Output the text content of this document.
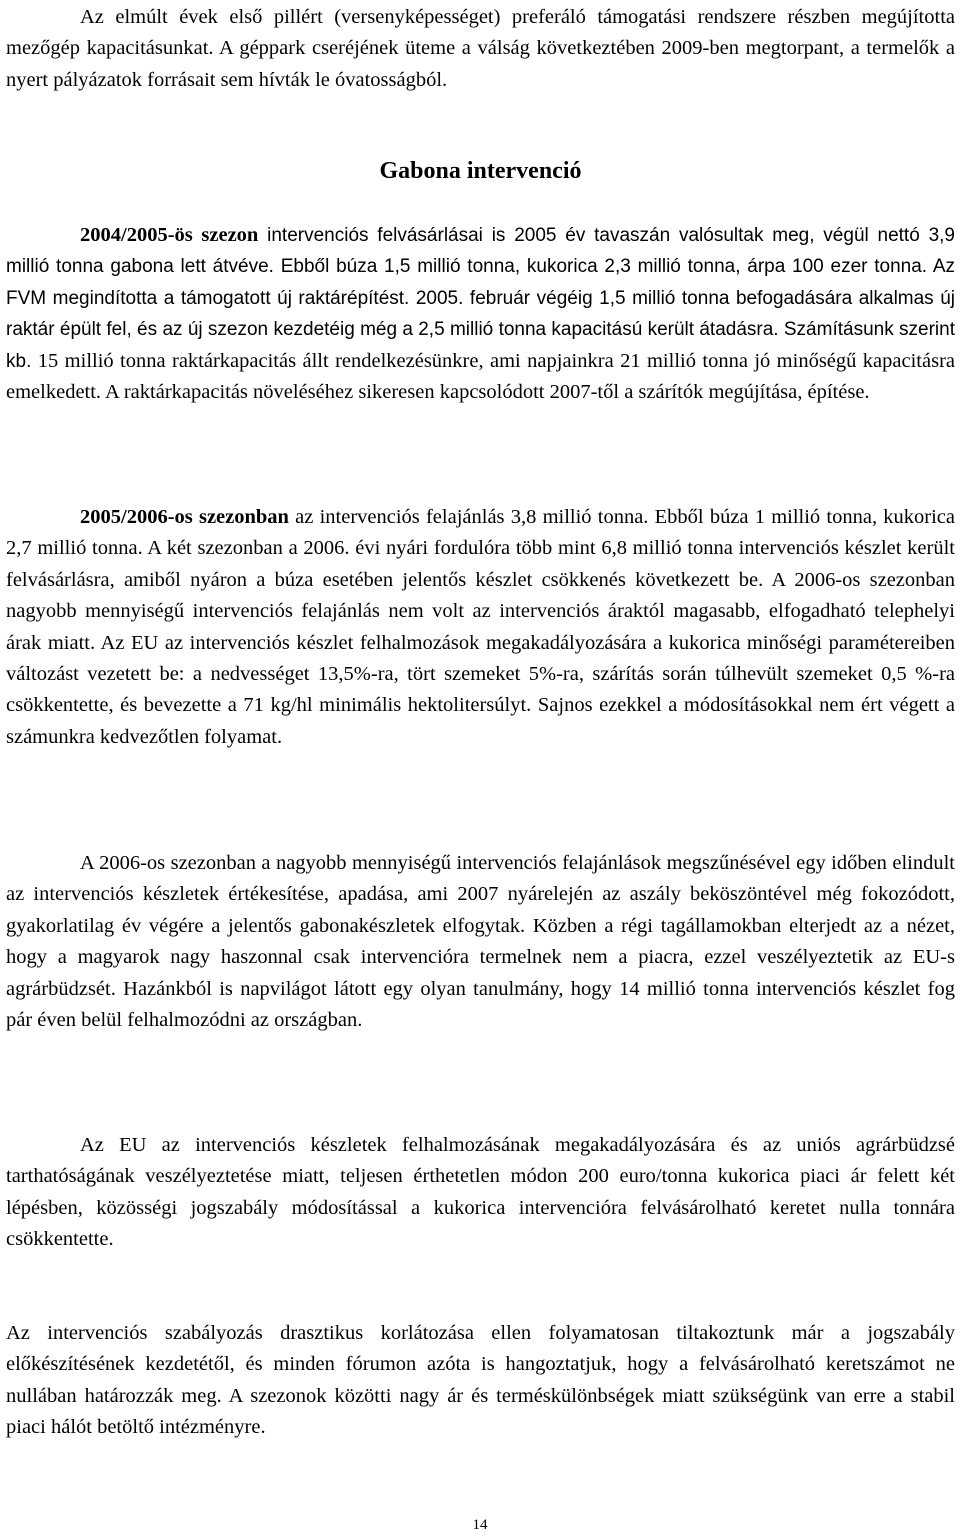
Az elmúlt évek első pillért (versenyképességet) preferáló támogatási rendszere részben megújította mezőgép kapacitásunkat. A géppark cseréjének üteme a válság következtében 2009-ben megtorpant, a termelők a nyert pályázatok forrásait sem hívták le óvatosságból.

Gabona intervenció

2004/2005-ös szezon intervenciós felvásárlásai is 2005 év tavaszán valósultak meg, végül nettó 3,9 millió tonna gabona lett átvéve. Ebből búza 1,5 millió tonna, kukorica 2,3 millió tonna, árpa 100 ezer tonna. Az FVM megindította a támogatott új raktárépítést. 2005. február végéig 1,5 millió tonna befogadására alkalmas új raktár épült fel, és az új szezon kezdetéig még a 2,5 millió tonna kapacitású került átadásra. Számításunk szerint kb. 15 millió tonna raktárkapacitás állt rendelkezésünkre, ami napjainkra 21 millió tonna jó minőségű kapacitásra emelkedett. A raktárkapacitás növeléséhez sikeresen kapcsolódott 2007-től a szárítók megújítása, építése.

2005/2006-os szezonban az intervenciós felajánlás 3,8 millió tonna. Ebből búza 1 millió tonna, kukorica 2,7 millió tonna. A két szezonban a 2006. évi nyári fordulóra több mint 6,8 millió tonna intervenciós készlet került felvásárlásra, amiből nyáron a búza esetében jelentős készlet csökkenés következett be. A 2006-os szezonban nagyobb mennyiségű intervenciós felajánlás nem volt az intervenciós áraktól magasabb, elfogadható telephelyi árak miatt. Az EU az intervenciós készlet felhalmozások megakadályozására a kukorica minőségi paramétereiben változást vezetett be: a nedvességet 13,5%-ra, tört szemeket 5%-ra, szárítás során túlhevült szemeket 0,5 %-ra csökkentette, és bevezette a 71 kg/hl minimális hektolitersúlyt. Sajnos ezekkel a módosításokkal nem ért végett a számunkra kedvezőtlen folyamat.

A 2006-os szezonban a nagyobb mennyiségű intervenciós felajánlások megszűnésével egy időben elindult az intervenciós készletek értékesítése, apadása, ami 2007 nyárelején az aszály beköszöntével még fokozódott, gyakorlatilag év végére a jelentős gabonakészletek elfogytak. Közben a régi tagállamokban elterjedt az a nézet, hogy a magyarok nagy haszonnal csak intervencióra termelnek nem a piacra, ezzel veszélyeztetik az EU-s agrárbüdzsét. Hazánkból is napvilágot látott egy olyan tanulmány, hogy 14 millió tonna intervenciós készlet fog pár éven belül felhalmozódni az országban.

Az EU az intervenciós készletek felhalmozásának megakadályozására és az uniós agrárbüdzsé tarthatóságának veszélyeztetése miatt, teljesen érthetetlen módon 200 euro/tonna kukorica piaci ár felett két lépésben, közösségi jogszabály módosítással a kukorica intervencióra felvásárolható keretet nulla tonnára csökkentette.

Az intervenciós szabályozás drasztikus korlátozása ellen folyamatosan tiltakoztunk már a jogszabály előkészítésének kezdetétől, és minden fórumon azóta is hangoztatjuk, hogy a felvásárolható keretszámot ne nullában határozzák meg. A szezonok közötti nagy ár és terméskülönbségek miatt szükségünk van erre a stabil piaci hálót betöltő intézményre.

14
